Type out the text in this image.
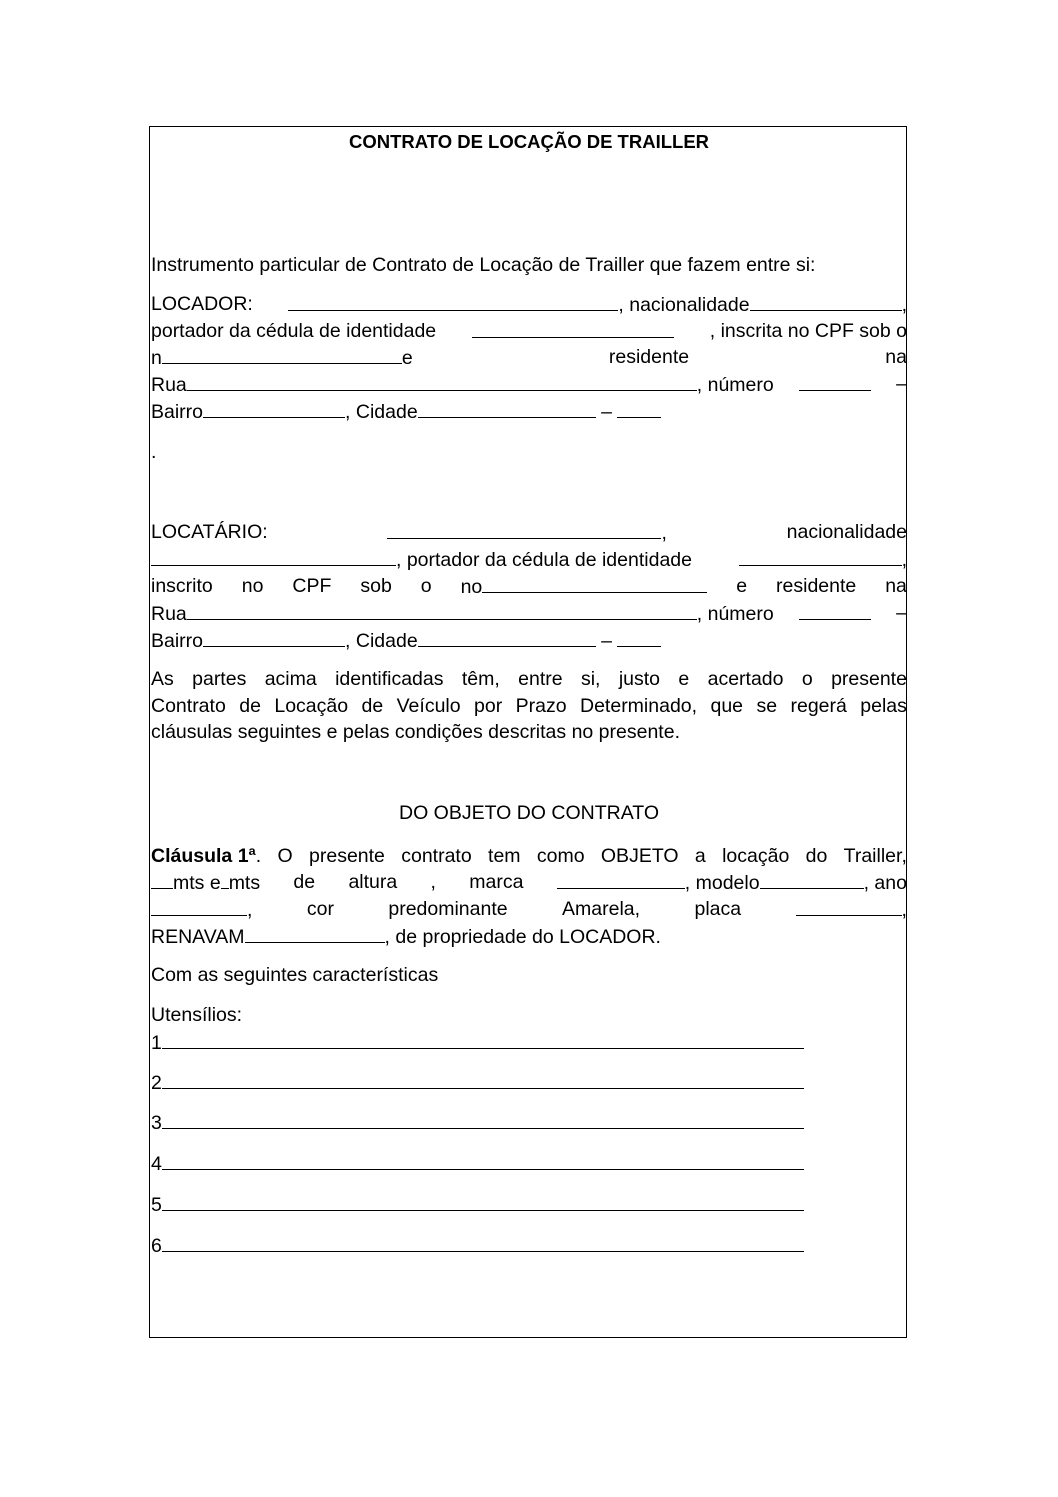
CONTRATO DE LOCAÇÃO DE TRAILLER
Instrumento particular de Contrato de Locação de Trailler que fazem entre si:
LOCADOR:	, nacionalidade	,
portador da cédula de identidade	, inscrita no CPF sob o
n	e	residente	na
Rua	, número	–
Bairro	, Cidade	–
.
LOCATÁRIO:	,	nacionalidade
, portador da cédula de identidade	,
inscrito no CPF sob o no	e residente na
Rua	, número	–
Bairro	, Cidade	–
As partes acima identificadas têm, entre si, justo e acertado o presente
Contrato de Locação de Veículo por Prazo Determinado, que se regerá pelas
cláusulas seguintes e pelas condições descritas no presente.
DO OBJETO DO CONTRATO
Cláusula 1ª. O presente contrato tem como OBJETO a locação do Trailler,
mts e mts de altura , marca	, modelo	, ano
,	cor	predominante	Amarela,	placa	,
RENAVAM	, de propriedade do LOCADOR.
Com as seguintes características
Utensílios:
1
2
3
4
5
6
